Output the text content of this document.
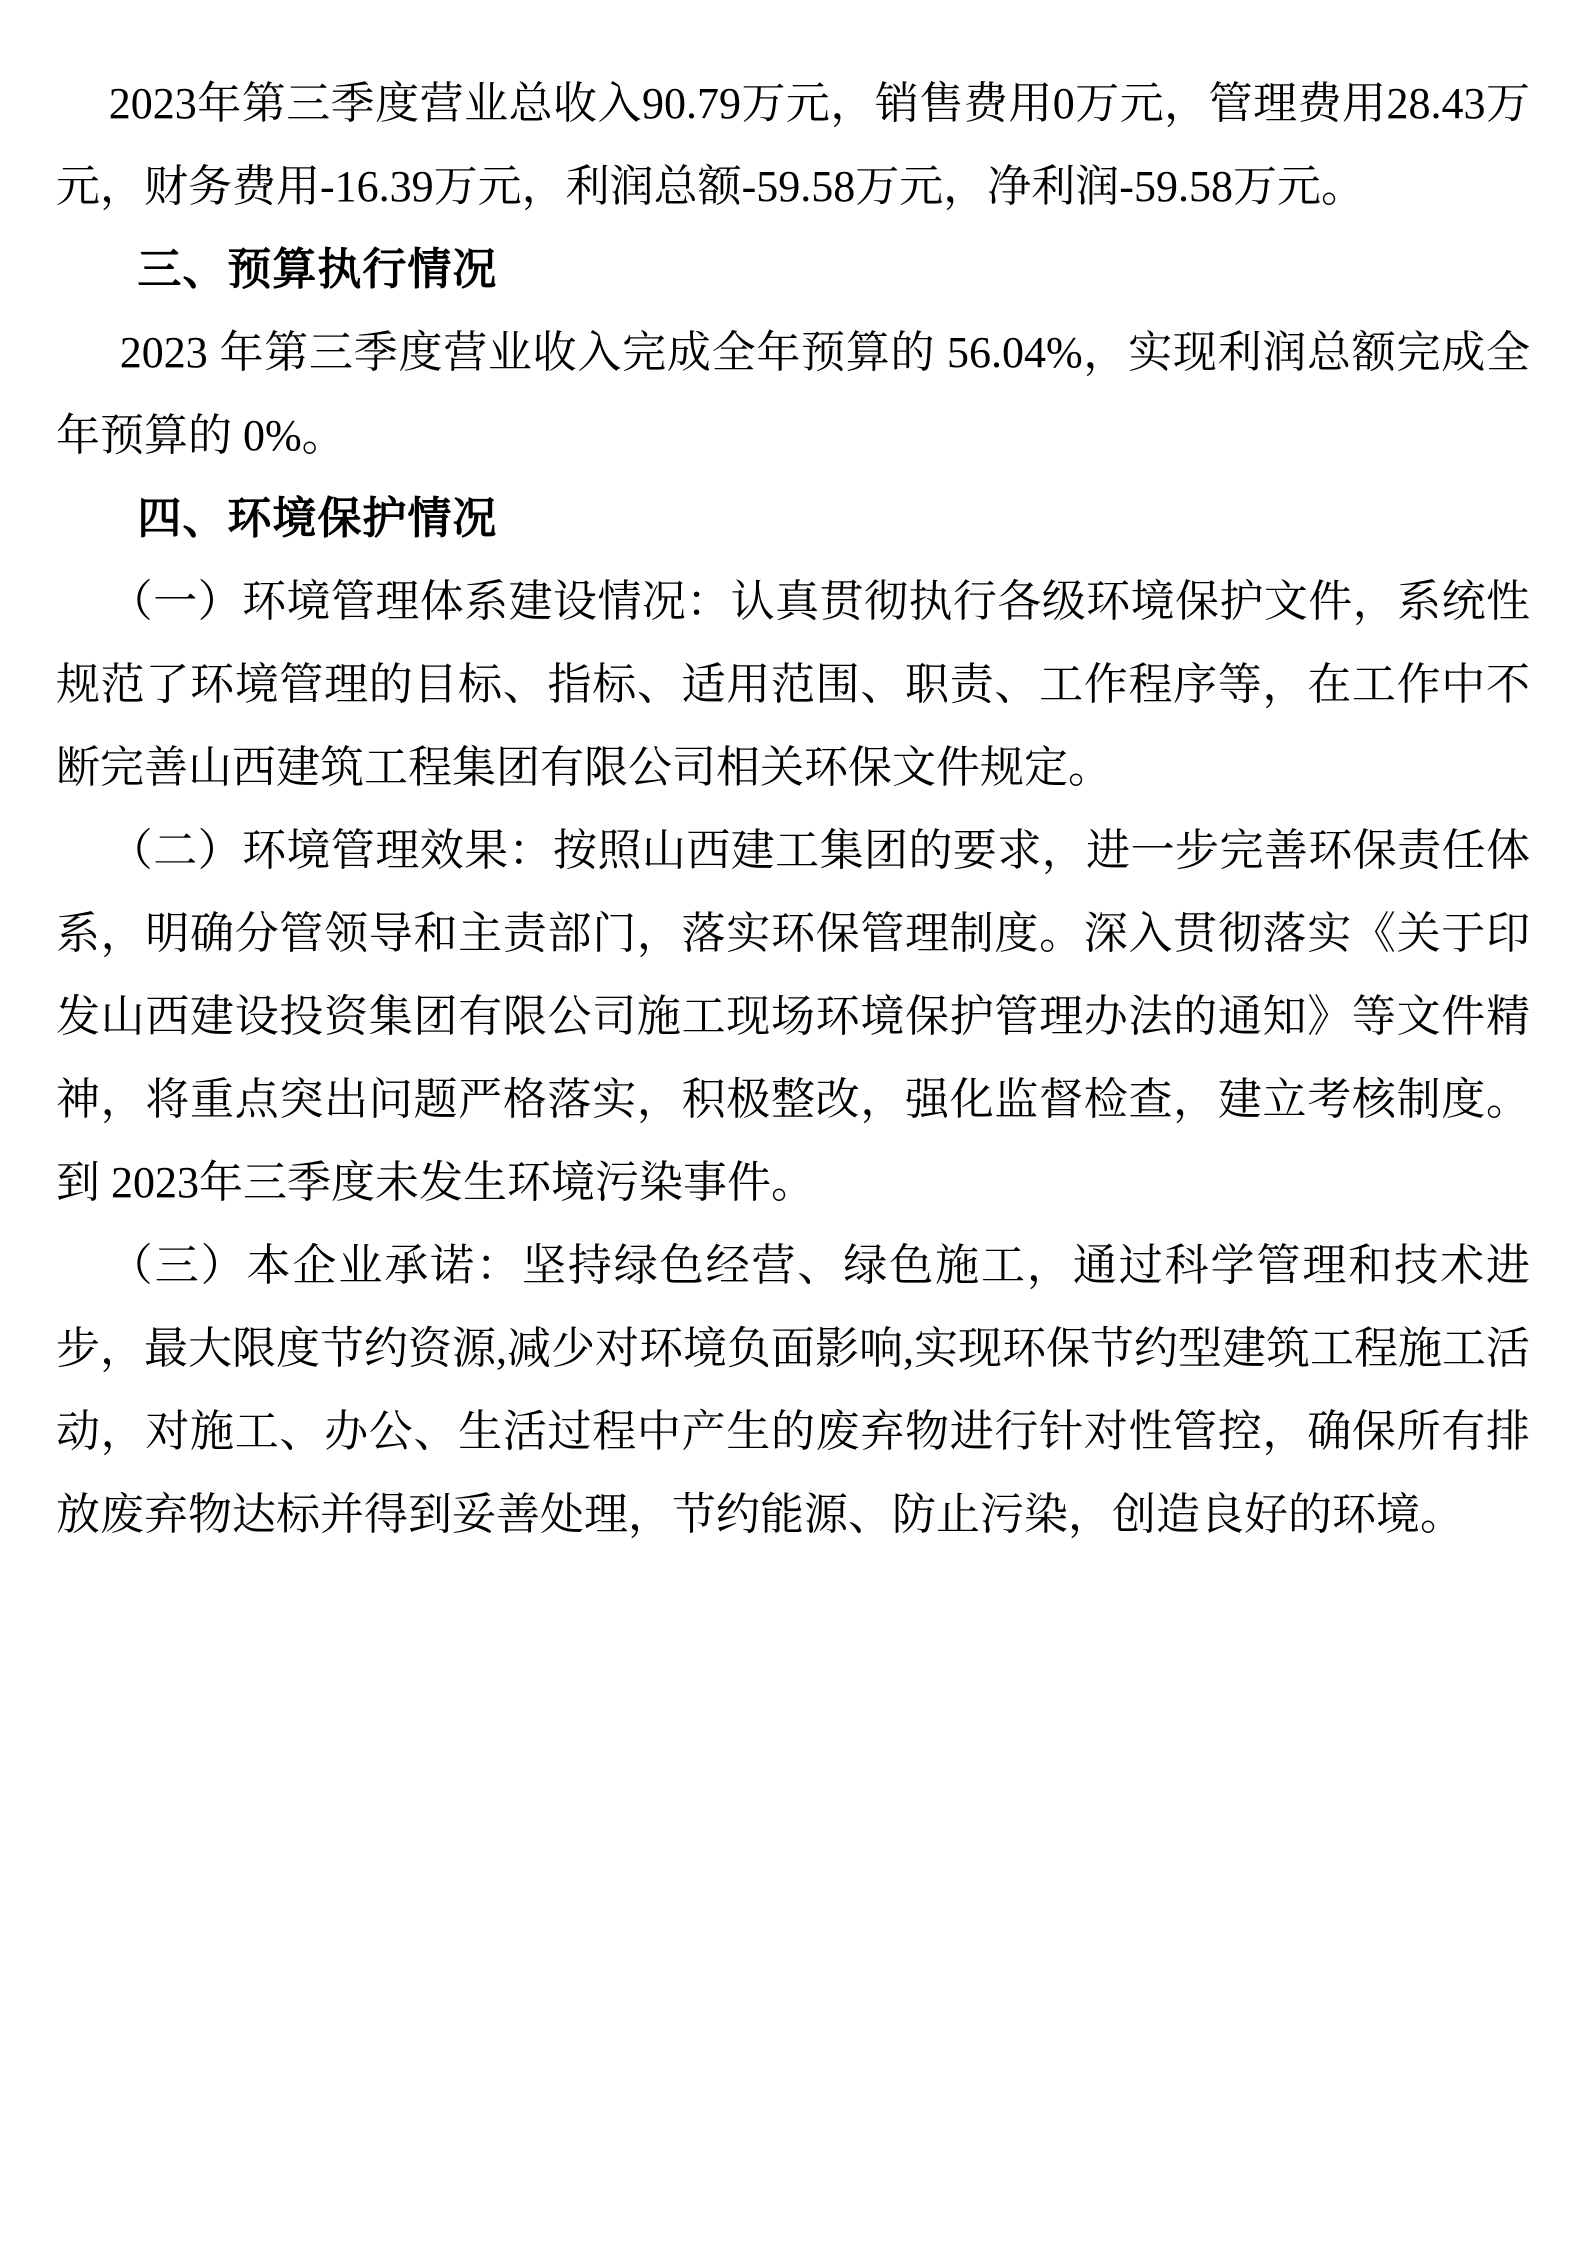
2023年第三季度营业总收入90.79万元，销售费用0万元，管理费用28.43万元，财务费用-16.39万元，利润总额-59.58万元，净利润-59.58万元。

三、预算执行情况

2023 年第三季度营业收入完成全年预算的 56.04%，实现利润总额完成全年预算的 0%。

四、环境保护情况

（一）环境管理体系建设情况：认真贯彻执行各级环境保护文件，系统性规范了环境管理的目标、指标、适用范围、职责、工作程序等，在工作中不断完善山西建筑工程集团有限公司相关环保文件规定。

（二）环境管理效果：按照山西建工集团的要求，进一步完善环保责任体系，明确分管领导和主责部门，落实环保管理制度。深入贯彻落实《关于印发山西建设投资集团有限公司施工现场环境保护管理办法的通知》等文件精神，将重点突出问题严格落实，积极整改，强化监督检查，建立考核制度。到 2023年三季度未发生环境污染事件。

（三）本企业承诺：坚持绿色经营、绿色施工，通过科学管理和技术进步，最大限度节约资源,减少对环境负面影响,实现环保节约型建筑工程施工活动，对施工、办公、生活过程中产生的废弃物进行针对性管控，确保所有排放废弃物达标并得到妥善处理，节约能源、防止污染，创造良好的环境。
